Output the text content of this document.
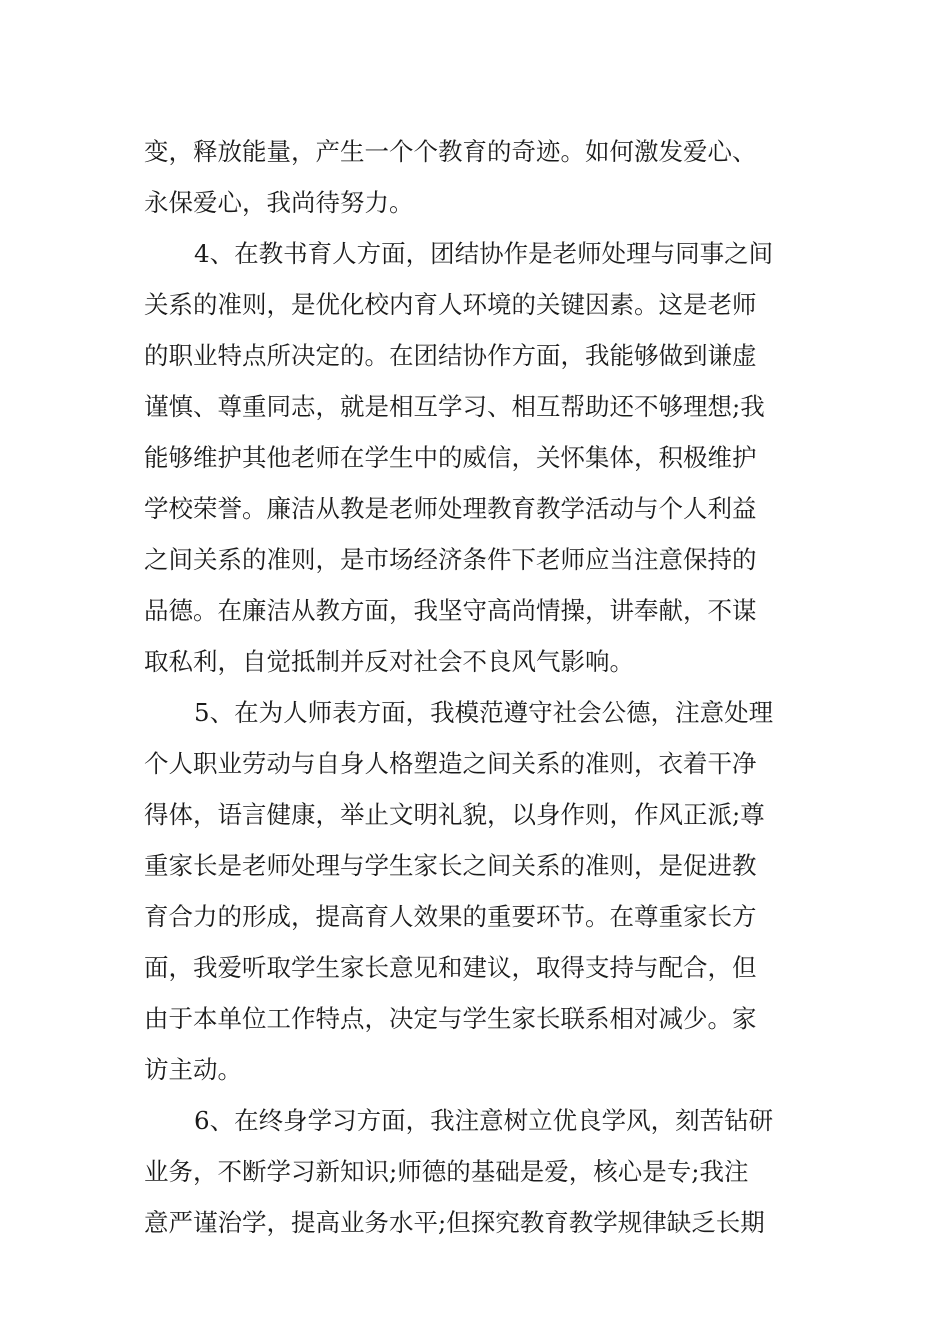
变，释放能量，产生一个个教育的奇迹。如何激发爱心、
永保爱心，我尚待努力。
4、在教书育人方面，团结协作是老师处理与同事之间
关系的准则，是优化校内育人环境的关键因素。这是老师
的职业特点所决定的。在团结协作方面，我能够做到谦虚
谨慎、尊重同志，就是相互学习、相互帮助还不够理想;我
能够维护其他老师在学生中的威信，关怀集体，积极维护
学校荣誉。廉洁从教是老师处理教育教学活动与个人利益
之间关系的准则，是市场经济条件下老师应当注意保持的
品德。在廉洁从教方面，我坚守高尚情操，讲奉献，不谋
取私利，自觉抵制并反对社会不良风气影响。
5、在为人师表方面，我模范遵守社会公德，注意处理
个人职业劳动与自身人格塑造之间关系的准则，衣着干净
得体，语言健康，举止文明礼貌，以身作则，作风正派;尊
重家长是老师处理与学生家长之间关系的准则，是促进教
育合力的形成，提高育人效果的重要环节。在尊重家长方
面，我爱听取学生家长意见和建议，取得支持与配合，但
由于本单位工作特点，决定与学生家长联系相对减少。家
访主动。
6、在终身学习方面，我注意树立优良学风，刻苦钻研
业务，不断学习新知识;师德的基础是爱，核心是专;我注
意严谨治学，提高业务水平;但探究教育教学规律缺乏长期
